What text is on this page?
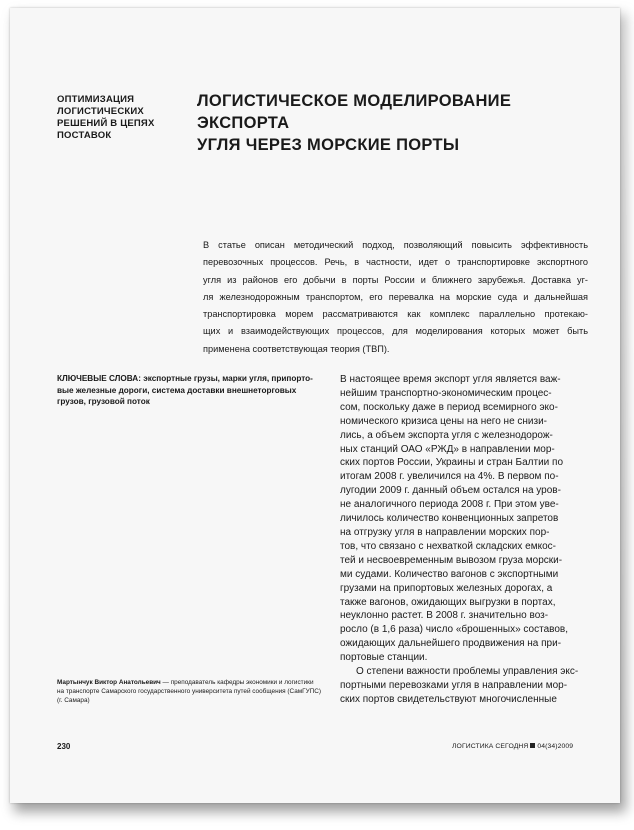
ОПТИМИЗАЦИЯ
ЛОГИСТИЧЕСКИХ
РЕШЕНИЙ В ЦЕПЯХ
ПОСТАВОК
ЛОГИСТИЧЕСКОЕ МОДЕЛИРОВАНИЕ ЭКСПОРТА
УГЛЯ ЧЕРЕЗ МОРСКИЕ ПОРТЫ
В статье описан методический подход, позволяющий повысить эффективность
перевозочных процессов. Речь, в частности, идет о транспортировке экспортного
угля из районов его добычи в порты России и ближнего зарубежья. Доставка уг-
ля железнодорожным транспортом, его перевалка на морские суда и дальнейшая
транспортировка морем рассматриваются как комплекс параллельно протекаю-
щих и взаимодействующих процессов, для моделирования которых может быть
применена соответствующая теория (ТВП).
КЛЮЧЕВЫЕ СЛОВА: экспортные грузы, марки угля, припорто-
вые железные дороги, система доставки внешнеторговых
грузов, грузовой поток
В настоящее время экспорт угля является важ-
нейшим транспортно-экономическим процес-
сом, поскольку даже в период всемирного эко-
номического кризиса цены на него не снизи-
лись, а объем экспорта угля с железнодорож-
ных станций ОАО «РЖД» в направлении мор-
ских портов России, Украины и стран Балтии по
итогам 2008 г. увеличился на 4%. В первом по-
лугодии 2009 г. данный объем остался на уров-
не аналогичного периода 2008 г. При этом уве-
личилось количество конвенционных запретов
на отгрузку угля в направлении морских пор-
тов, что связано с нехваткой складских емкос-
тей и несвоевременным вывозом груза морски-
ми судами. Количество вагонов с экспортными
грузами на припортовых железных дорогах, а
также вагонов, ожидающих выгрузки в портах,
неуклонно растет. В 2008 г. значительно воз-
росло (в 1,6 раза) число «брошенных» составов,
ожидающих дальнейшего продвижения на при-
портовые станции.
О степени важности проблемы управления экс-
портными перевозками угля в направлении мор-
ских портов свидетельствуют многочисленные
Мартынчук Виктор Анатольевич — преподаватель кафедры экономики и логистики
на транспорте Самарского государственного университета путей сообщения (СамГУПС)
(г. Самара)
230	ЛОГИСТИКА СЕГОДНЯ 04(34)2009
